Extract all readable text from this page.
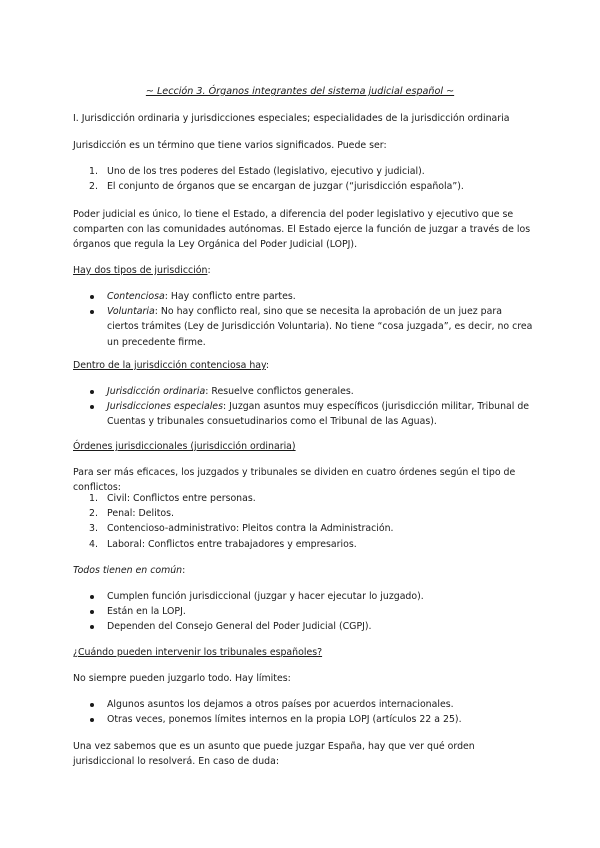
~ Lección 3. Órganos integrantes del sistema judicial español ~

I. Jurisdicción ordinaria y jurisdicciones especiales; especialidades de la jurisdicción ordinaria

Jurisdicción es un término que tiene varios significados. Puede ser:

1. Uno de los tres poderes del Estado (legislativo, ejecutivo y judicial).
2. El conjunto de órganos que se encargan de juzgar (“jurisdicción española”).

Poder judicial es único, lo tiene el Estado, a diferencia del poder legislativo y ejecutivo que se comparten con las comunidades autónomas. El Estado ejerce la función de juzgar a través de los órganos que regula la Ley Orgánica del Poder Judicial (LOPJ).

Hay dos tipos de jurisdicción:

Contenciosa: Hay conflicto entre partes.
Voluntaria: No hay conflicto real, sino que se necesita la aprobación de un juez para ciertos trámites (Ley de Jurisdicción Voluntaria). No tiene “cosa juzgada”, es decir, no crea un precedente firme.

Dentro de la jurisdicción contenciosa hay:

Jurisdicción ordinaria: Resuelve conflictos generales.
Jurisdicciones especiales: Juzgan asuntos muy específicos (jurisdicción militar, Tribunal de Cuentas y tribunales consuetudinarios como el Tribunal de las Aguas).

Órdenes jurisdiccionales (jurisdicción ordinaria)

Para ser más eficaces, los juzgados y tribunales se dividen en cuatro órdenes según el tipo de conflictos:

1. Civil: Conflictos entre personas.
2. Penal: Delitos.
3. Contencioso-administrativo: Pleitos contra la Administración.
4. Laboral: Conflictos entre trabajadores y empresarios.

Todos tienen en común:

Cumplen función jurisdiccional (juzgar y hacer ejecutar lo juzgado).
Están en la LOPJ.
Dependen del Consejo General del Poder Judicial (CGPJ).

¿Cuándo pueden intervenir los tribunales españoles?

No siempre pueden juzgarlo todo. Hay límites:

Algunos asuntos los dejamos a otros países por acuerdos internacionales.
Otras veces, ponemos límites internos en la propia LOPJ (artículos 22 a 25).

Una vez sabemos que es un asunto que puede juzgar España, hay que ver qué orden jurisdiccional lo resolverá. En caso de duda:
